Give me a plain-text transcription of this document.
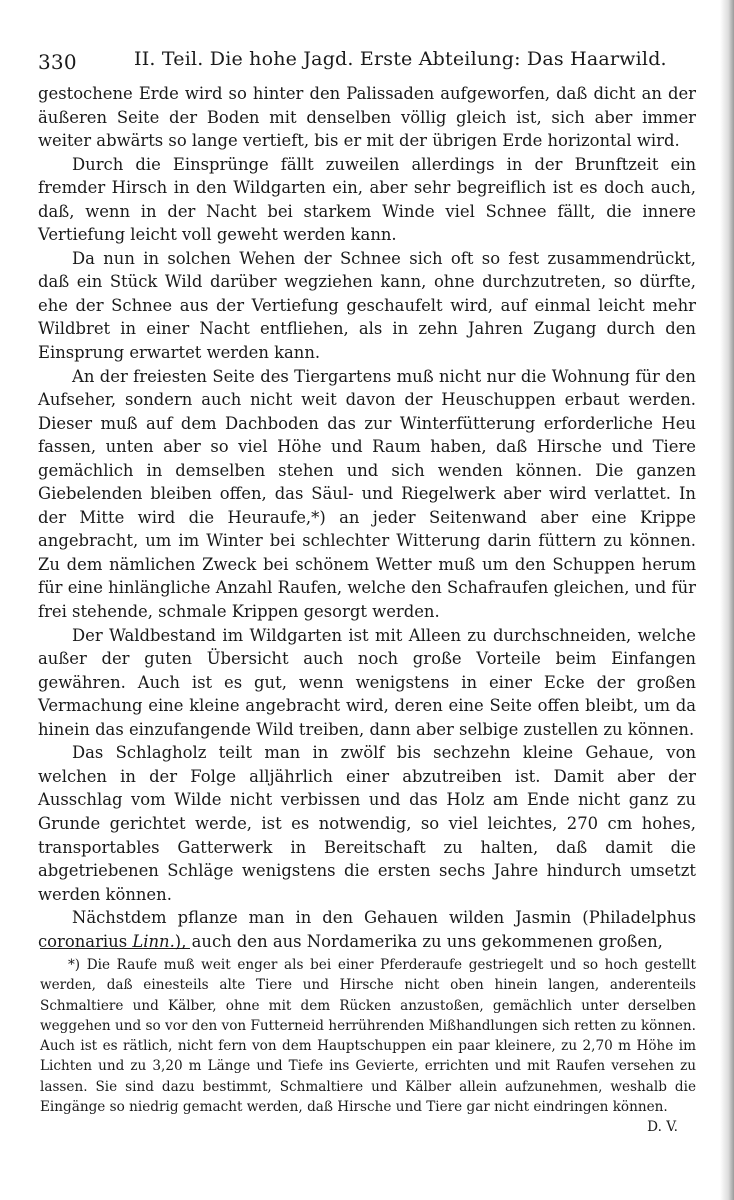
330	II. Teil. Die hohe Jagd. Erste Abteilung: Das Haarwild.

gestochene Erde wird so hinter den Palissaden aufgeworfen, daß dicht an der äußeren Seite der Boden mit denselben völlig gleich ist, sich aber immer weiter abwärts so lange vertieft, bis er mit der übrigen Erde horizontal wird.

Durch die Einsprünge fällt zuweilen allerdings in der Brunftzeit ein fremder Hirsch in den Wildgarten ein, aber sehr begreiflich ist es doch auch, daß, wenn in der Nacht bei starkem Winde viel Schnee fällt, die innere Vertiefung leicht voll geweht werden kann.

Da nun in solchen Wehen der Schnee sich oft so fest zusammendrückt, daß ein Stück Wild darüber wegziehen kann, ohne durchzutreten, so dürfte, ehe der Schnee aus der Vertiefung geschaufelt wird, auf einmal leicht mehr Wildbret in einer Nacht entfliehen, als in zehn Jahren Zugang durch den Einsprung erwartet werden kann.

An der freiesten Seite des Tiergartens muß nicht nur die Wohnung für den Aufseher, sondern auch nicht weit davon der Heuschuppen erbaut werden. Dieser muß auf dem Dachboden das zur Winterfütterung erforderliche Heu fassen, unten aber so viel Höhe und Raum haben, daß Hirsche und Tiere gemächlich in demselben stehen und sich wenden können. Die ganzen Giebelenden bleiben offen, das Säul- und Riegelwerk aber wird verlattet. In der Mitte wird die Heuraufe,*) an jeder Seitenwand aber eine Krippe angebracht, um im Winter bei schlechter Witterung darin füttern zu können. Zu dem nämlichen Zweck bei schönem Wetter muß um den Schuppen herum für eine hinlängliche Anzahl Raufen, welche den Schafraufen gleichen, und für frei stehende, schmale Krippen gesorgt werden.

Der Waldbestand im Wildgarten ist mit Alleen zu durchschneiden, welche außer der guten Übersicht auch noch große Vorteile beim Einfangen gewähren. Auch ist es gut, wenn wenigstens in einer Ecke der großen Vermachung eine kleine angebracht wird, deren eine Seite offen bleibt, um da hinein das einzufangende Wild treiben, dann aber selbige zustellen zu können.

Das Schlagholz teilt man in zwölf bis sechzehn kleine Gehaue, von welchen in der Folge alljährlich einer abzutreiben ist. Damit aber der Ausschlag vom Wilde nicht verbissen und das Holz am Ende nicht ganz zu Grunde gerichtet werde, ist es notwendig, so viel leichtes, 270 cm hohes, transportables Gatterwerk in Bereitschaft zu halten, daß damit die abgetriebenen Schläge wenigstens die ersten sechs Jahre hindurch umsetzt werden können.

Nächstdem pflanze man in den Gehauen wilden Jasmin (Philadelphus coronarius Linn.), auch den aus Nordamerika zu uns gekommenen großen,

*) Die Raufe muß weit enger als bei einer Pferderaufe gestriegelt und so hoch gestellt werden, daß einesteils alte Tiere und Hirsche nicht oben hinein langen, anderenteils Schmaltiere und Kälber, ohne mit dem Rücken anzustoßen, gemächlich unter derselben weggehen und so vor den von Futterneid herrührenden Mißhandlungen sich retten zu können. Auch ist es rätlich, nicht fern von dem Hauptschuppen ein paar kleinere, zu 2,70 m Höhe im Lichten und zu 3,20 m Länge und Tiefe ins Gevierte, errichten und mit Raufen versehen zu lassen. Sie sind dazu bestimmt, Schmaltiere und Kälber allein aufzunehmen, weshalb die Eingänge so niedrig gemacht werden, daß Hirsche und Tiere gar nicht eindringen können.
D. V.
